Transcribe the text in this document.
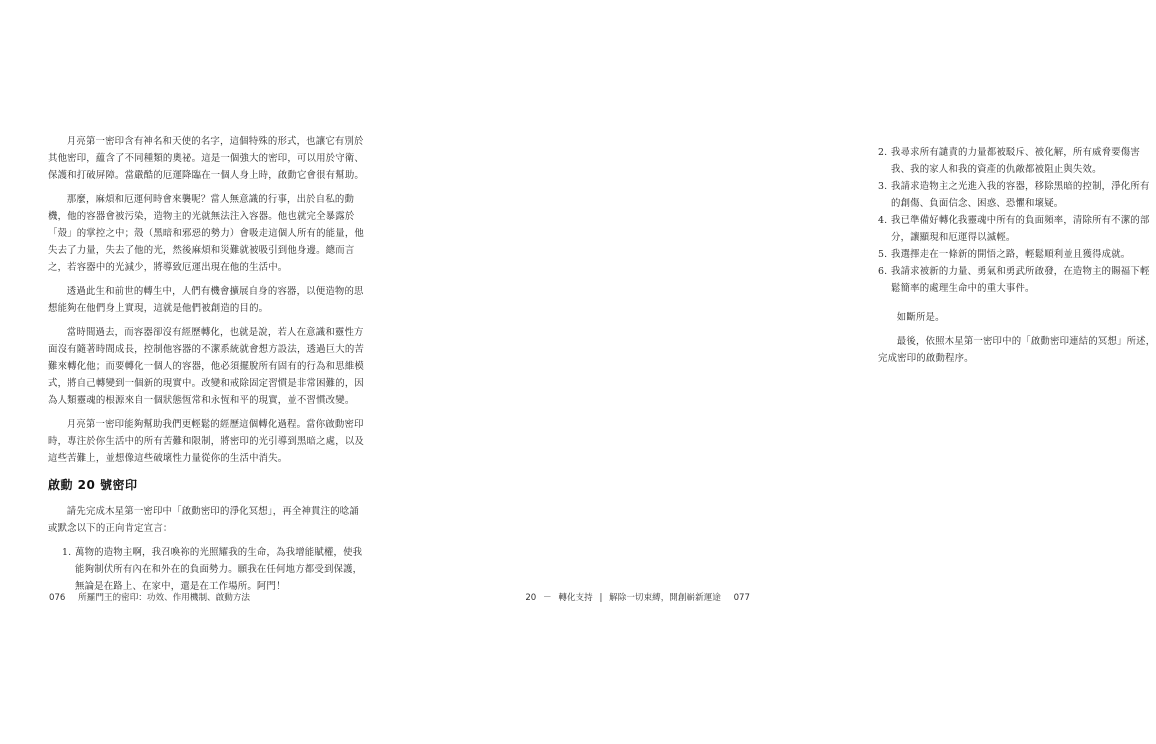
月亮第一密印含有神名和天使的名字，這個特殊的形式，也讓它有別於其他密印，蘊含了不同種類的奧祕。這是一個強大的密印，可以用於守衛、保護和打破屏障。當嚴酷的厄運降臨在一個人身上時，啟動它會很有幫助。

那麼，麻煩和厄運何時會來襲呢？當人無意識的行事，出於自私的動機，他的容器會被污染，造物主的光就無法注入容器。他也就完全暴露於「殼」的掌控之中；殼（黑暗和邪惡的勢力）會吸走這個人所有的能量，他失去了力量，失去了他的光，然後麻煩和災難就被吸引到他身邊。總而言之，若容器中的光減少，將導致厄運出現在他的生活中。

透過此生和前世的轉生中，人們有機會擴展自身的容器，以便造物的思想能夠在他們身上實現，這就是他們被創造的目的。

當時間過去，而容器卻沒有經歷轉化，也就是說，若人在意識和靈性方面沒有隨著時間成長，控制他容器的不潔系統就會想方設法，透過巨大的苦難來轉化他；而要轉化一個人的容器，他必須擺脫所有固有的行為和思維模式，將自己轉變到一個新的現實中。改變和戒除固定習慣是非常困難的，因為人類靈魂的根源來自一個狀態恆常和永恆和平的現實，並不習慣改變。

月亮第一密印能夠幫助我們更輕鬆的經歷這個轉化過程。當你啟動密印時，專注於你生活中的所有苦難和限制，將密印的光引導到黑暗之處，以及這些苦難上，並想像這些破壞性力量從你的生活中消失。

啟動 20 號密印

請先完成木星第一密印中「啟動密印的淨化冥想」，再全神貫注的唸誦或默念以下的正向肯定宣言：

1. 萬物的造物主啊，我召喚祢的光照耀我的生命，為我增能賦權，使我能夠制伏所有內在和外在的負面勢力。願我在任何地方都受到保護，無論是在路上、在家中，還是在工作場所。阿門！
076 所羅門王的密印：功效、作用機制、啟動方法
2. 我尋求所有譴責的力量都被駁斥、被化解，所有威脅要傷害我、我的家人和我的資產的仇敵都被阻止與失效。
3. 我請求造物主之光進入我的容器，移除黑暗的控制，淨化所有的創傷、負面信念、困惑、恐懼和壞疑。
4. 我已準備好轉化我靈魂中所有的負面頻率，清除所有不潔的部分，讓顯現和厄運得以滅輕。
5. 我選擇走在一條新的開悟之路，輕鬆順利並且獲得成就。
6. 我請求被新的力量、勇氣和勇武所啟發，在造物主的賜福下輕鬆簡率的處理生命中的重大事件。

如斷所是。

最後，依照木星第一密印中的「啟動密印連結的冥想」所述，完成密印的啟動程序。

20 － 轉化支持 | 解除一切束縛，開創嶄新運途 077
